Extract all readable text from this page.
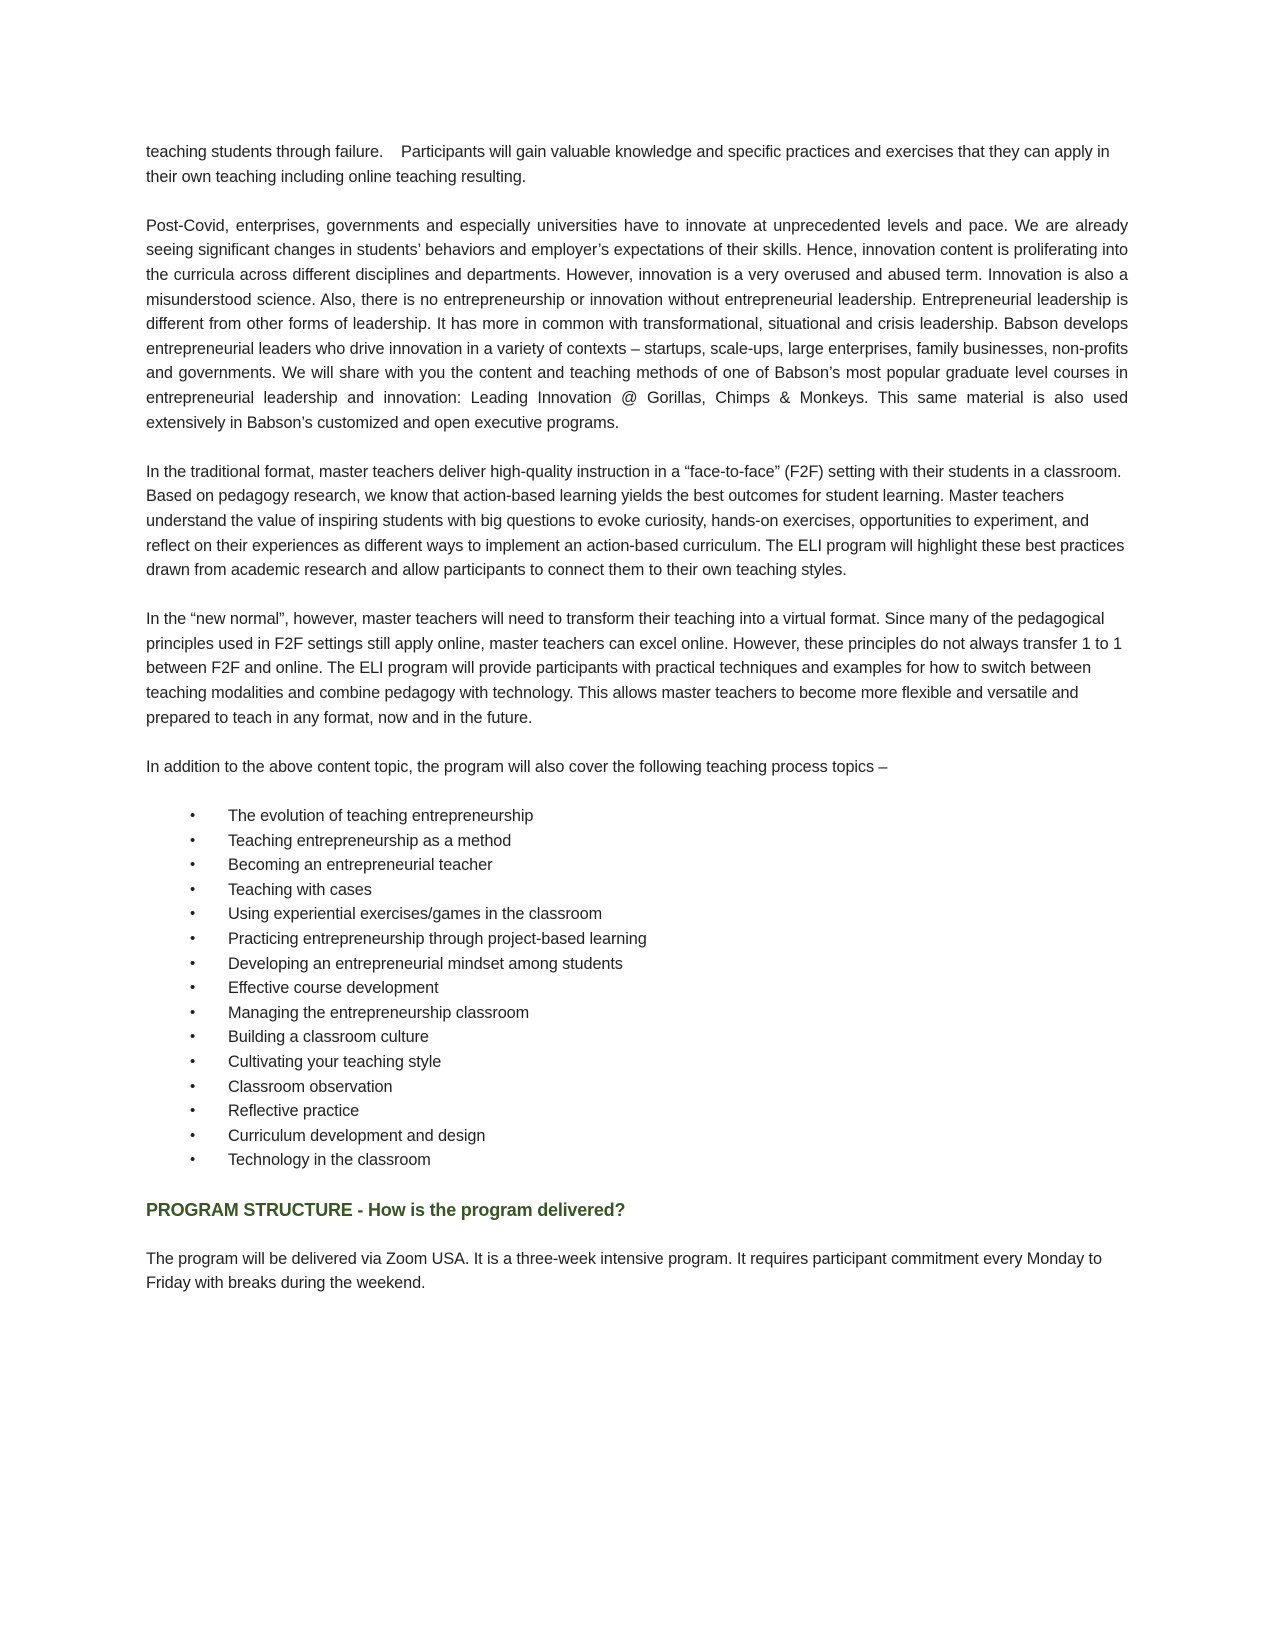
teaching students through failure.    Participants will gain valuable knowledge and specific practices and exercises that they can apply in their own teaching including online teaching resulting.

Post-Covid, enterprises, governments and especially universities have to innovate at unprecedented levels and pace. We are already seeing significant changes in students’ behaviors and employer’s expectations of their skills. Hence, innovation content is proliferating into the curricula across different disciplines and departments. However, innovation is a very overused and abused term. Innovation is also a misunderstood science. Also, there is no entrepreneurship or innovation without entrepreneurial leadership. Entrepreneurial leadership is different from other forms of leadership. It has more in common with transformational, situational and crisis leadership. Babson develops entrepreneurial leaders who drive innovation in a variety of contexts – startups, scale-ups, large enterprises, family businesses, non-profits and governments. We will share with you the content and teaching methods of one of Babson’s most popular graduate level courses in entrepreneurial leadership and innovation: Leading Innovation @ Gorillas, Chimps & Monkeys. This same material is also used extensively in Babson’s customized and open executive programs.

In the traditional format, master teachers deliver high-quality instruction in a “face-to-face” (F2F) setting with their students in a classroom. Based on pedagogy research, we know that action-based learning yields the best outcomes for student learning. Master teachers understand the value of inspiring students with big questions to evoke curiosity, hands-on exercises, opportunities to experiment, and reflect on their experiences as different ways to implement an action-based curriculum. The ELI program will highlight these best practices drawn from academic research and allow participants to connect them to their own teaching styles.

In the “new normal”, however, master teachers will need to transform their teaching into a virtual format. Since many of the pedagogical principles used in F2F settings still apply online, master teachers can excel online. However, these principles do not always transfer 1 to 1 between F2F and online. The ELI program will provide participants with practical techniques and examples for how to switch between teaching modalities and combine pedagogy with technology. This allows master teachers to become more flexible and versatile and prepared to teach in any format, now and in the future.

In addition to the above content topic, the program will also cover the following teaching process topics –

•	The evolution of teaching entrepreneurship
•	Teaching entrepreneurship as a method
•	Becoming an entrepreneurial teacher
•	Teaching with cases
•	Using experiential exercises/games in the classroom
•	Practicing entrepreneurship through project-based learning
•	Developing an entrepreneurial mindset among students
•	Effective course development
•	Managing the entrepreneurship classroom
•	Building a classroom culture
•	Cultivating your teaching style
•	Classroom observation
•	Reflective practice
•	Curriculum development and design
•	Technology in the classroom
PROGRAM STRUCTURE - How is the program delivered?

The program will be delivered via Zoom USA. It is a three-week intensive program. It requires participant commitment every Monday to Friday with breaks during the weekend.
